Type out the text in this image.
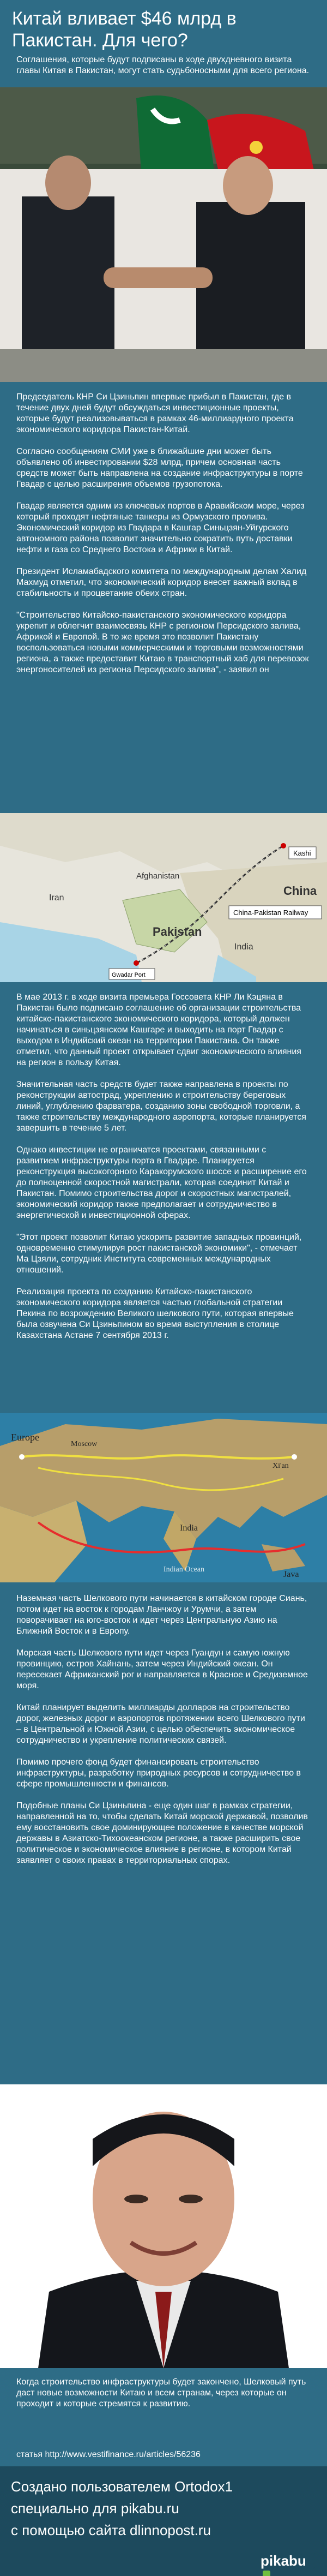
Китай вливает $46 млрд в Пакистан. Для чего?

Соглашения, которые будут подписаны в ходе двухдневного визита главы Китая в Пакистан, могут стать судьбоносными для всего региона.

Председатель КНР Си Цзиньпин впервые прибыл в Пакистан, где в течение двух дней будут обсуждаться инвестиционные проекты, которые будут реализовываться в рамках 46-миллиардного проекта экономического коридора Пакистан-Китай.

Согласно сообщениям СМИ уже в ближайшие дни может быть объявлено об инвестировании $28 млрд, причем основная часть средств может быть направлена на создание инфраструктуры в порте Гвадар с целью расширения объемов грузопотока.

Гвадар является одним из ключевых портов в Аравийском море, через который проходят нефтяные танкеры из Ормузского пролива. Экономический коридор из Гвадара в Кашгар Синьцзян-Уйгурского автономного района позволит значительно сократить путь доставки нефти и газа со Среднего Востока и Африки в Китай.

Президент Исламабадского комитета по международным делам Халид Махмуд отметил, что экономический коридор внесет важный вклад в стабильность и процветание обеих стран.

"Строительство Китайско-пакистанского экономического коридора укрепит и облегчит взаимосвязь КНР с регионом Персидского залива, Африкой и Европой. В то же время это позволит Пакистану воспользоваться новыми коммерческими и торговыми возможностями региона, а также предоставит Китаю в транспортный хаб для перевозок энергоносителей из региона Персидского залива", - заявил он

Kashi
Afghanistan
China
Iran
China-Pakistan Railway
Pakistan
India
Gwadar Port

В мае 2013 г. в ходе визита премьера Госсовета КНР Ли Кэцяна в Пакистан было подписано соглашение об организации строительства китайско-пакистанского экономического коридора, который должен начинаться в синьцзянском Кашгаре и выходить на порт Гвадар с выходом в Индийский океан на территории Пакистана. Он также отметил, что данный проект открывает сдвиг экономического влияния на регион в пользу Китая.

Значительная часть средств будет также направлена в проекты по реконструкции автострад, укреплению и строительству береговых линий, углублению фарватера, созданию зоны свободной торговли, а также строительству международного аэропорта, которые планируется завершить в течение 5 лет.

Однако инвестиции не ограничатся проектами, связанными с развитием инфраструктуры порта в Гвадаре. Планируется реконструкция высокогорного Каракорумского шоссе и расширение его до полноценной скоростной магистрали, которая соединит Китай и Пакистан. Помимо строительства дорог и скоростных магистралей, экономический коридор также предполагает и сотрудничество в энергетической и инвестиционной сферах.

"Этот проект позволит Китаю ускорить развитие западных провинций, одновременно стимулируя рост пакистанской экономики", - отмечает Ма Цзяли, сотрудник Института современных международных отношений.

Реализация проекта по созданию Китайско-пакистанского экономического коридора является частью глобальной стратегии Пекина по возрождению Великого шелкового пути, которая впервые была озвучена Си Цзиньпином во время выступления в столице Казахстана Астане 7 сентября 2013 г.

Europe
Moscow
Xi'an
India
Indian Ocean
Java

Наземная часть Шелкового пути начинается в китайском городе Сиань, потом идет на восток к городам Ланчжоу и Урумчи, а затем поворачивает на юго-восток и идет через Центральную Азию на Ближний Восток и в Европу.

Морская часть Шелкового пути идет через Гуандун и самую южную провинцию, остров Хайнань, затем через Индийский океан. Он пересекает Африканский рог и направляется в Красное и Средиземное моря.

Китай планирует выделить миллиарды долларов на строительство дорог, железных дорог и аэропортов протяжении всего Шелкового пути – в Центральной и Южной Азии, с целью обеспечить экономическое сотрудничество и укрепление политических связей.

Помимо прочего фонд будет финансировать строительство инфраструктуры, разработку природных ресурсов и сотрудничество в сфере промышленности и финансов.

Подобные планы Си Цзиньпина - еще один шаг в рамках стратегии, направленной на то, чтобы сделать Китай морской державой, позволив ему восстановить свое доминирующее положение в качестве морской державы в Азиатско-Тихоокеанском регионе, а также расширить свое политическое и экономическое влияние в регионе, в котором Китай заявляет о своих правах в территориальных спорах.

Когда строительство инфраструктуры будет закончено, Шелковый путь даст новые возможности Китаю и всем странам, через которые он проходит и которые стремятся к развитию.

статья http://www.vestifinance.ru/articles/56236
Создано пользователем Ortodox1
специально для pikabu.ru
с помощью сайта dlinnopost.ru
pikabu
